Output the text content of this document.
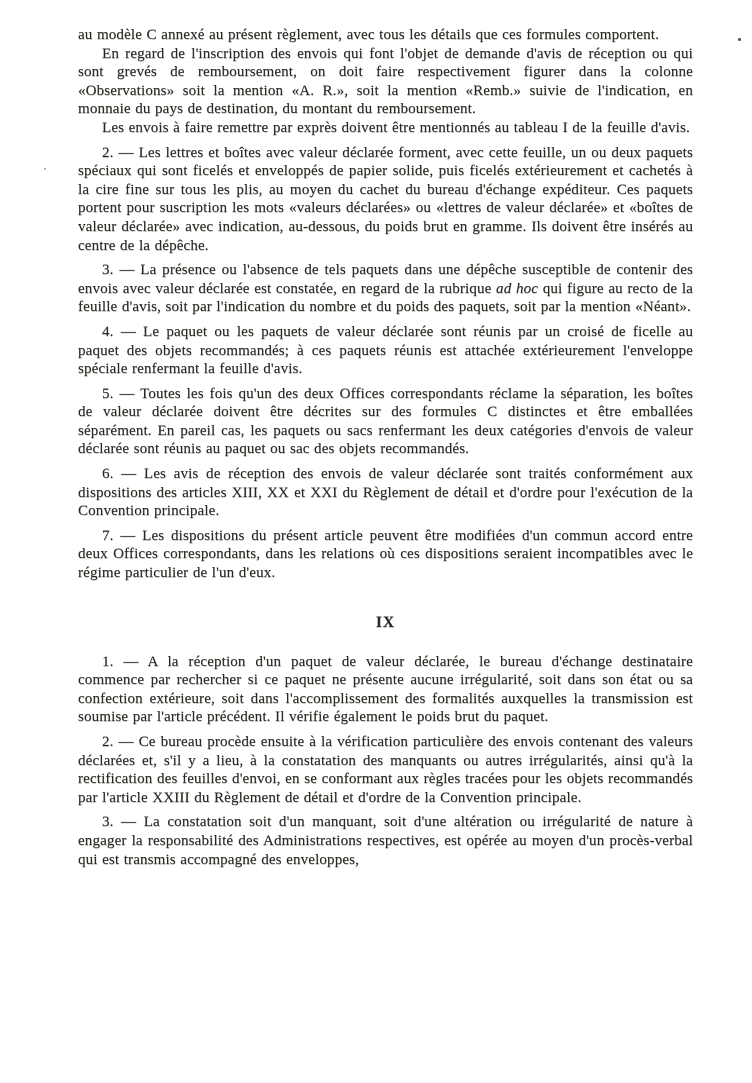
au modèle C annexé au présent règlement, avec tous les détails que ces formules comportent.

En regard de l'inscription des envois qui font l'objet de demande d'avis de réception ou qui sont grevés de remboursement, on doit faire respectivement figurer dans la colonne «Observations» soit la mention «A. R.», soit la mention «Remb.» suivie de l'indication, en monnaie du pays de destination, du montant du remboursement.

Les envois à faire remettre par exprès doivent être mentionnés au tableau I de la feuille d'avis.

2. — Les lettres et boîtes avec valeur déclarée forment, avec cette feuille, un ou deux paquets spéciaux qui sont ficelés et enveloppés de papier solide, puis ficelés extérieurement et cachetés à la cire fine sur tous les plis, au moyen du cachet du bureau d'échange expéditeur. Ces paquets portent pour suscription les mots «valeurs déclarées» ou «lettres de valeur déclarée» et «boîtes de valeur déclarée» avec indication, au-dessous, du poids brut en gramme. Ils doivent être insérés au centre de la dépêche.

3. — La présence ou l'absence de tels paquets dans une dépêche susceptible de contenir des envois avec valeur déclarée est constatée, en regard de la rubrique ad hoc qui figure au recto de la feuille d'avis, soit par l'indication du nombre et du poids des paquets, soit par la mention «Néant».

4. — Le paquet ou les paquets de valeur déclarée sont réunis par un croisé de ficelle au paquet des objets recommandés; à ces paquets réunis est attachée extérieurement l'enveloppe spéciale renfermant la feuille d'avis.

5. — Toutes les fois qu'un des deux Offices correspondants réclame la séparation, les boîtes de valeur déclarée doivent être décrites sur des formules C distinctes et être emballées séparément. En pareil cas, les paquets ou sacs renfermant les deux catégories d'envois de valeur déclarée sont réunis au paquet ou sac des objets recommandés.

6. — Les avis de réception des envois de valeur déclarée sont traités conformément aux dispositions des articles XIII, XX et XXI du Règlement de détail et d'ordre pour l'exécution de la Convention principale.

7. — Les dispositions du présent article peuvent être modifiées d'un commun accord entre deux Offices correspondants, dans les relations où ces dispositions seraient incompatibles avec le régime particulier de l'un d'eux.

IX

1. — A la réception d'un paquet de valeur déclarée, le bureau d'échange destinataire commence par rechercher si ce paquet ne présente aucune irrégularité, soit dans son état ou sa confection extérieure, soit dans l'accomplissement des formalités auxquelles la transmission est soumise par l'article précédent. Il vérifie également le poids brut du paquet.

2. — Ce bureau procède ensuite à la vérification particulière des envois contenant des valeurs déclarées et, s'il y a lieu, à la constatation des manquants ou autres irrégularités, ainsi qu'à la rectification des feuilles d'envoi, en se conformant aux règles tracées pour les objets recommandés par l'article XXIII du Règlement de détail et d'ordre de la Convention principale.

3. — La constatation soit d'un manquant, soit d'une altération ou irrégularité de nature à engager la responsabilité des Administrations respectives, est opérée au moyen d'un procès-verbal qui est transmis accompagné des enveloppes,
